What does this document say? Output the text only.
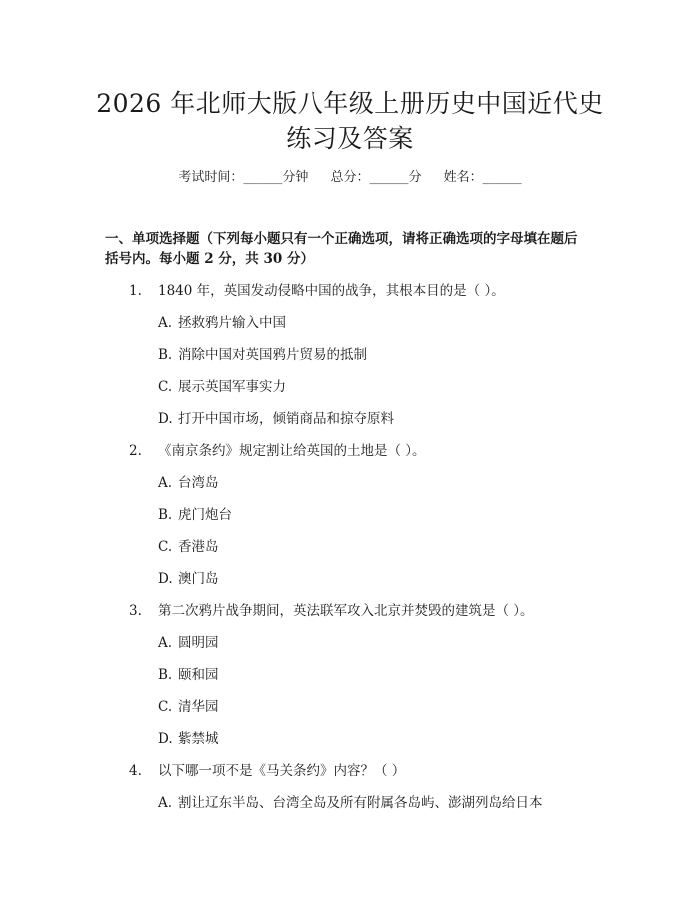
2026 年北师大版八年级上册历史中国近代史
练习及答案
考试时间：______分钟 总分：______分 姓名：______
一、单项选择题（下列每小题只有一个正确选项，请将正确选项的字母填在题后
括号内。每小题 2 分，共 30 分）
1. 1840 年，英国发动侵略中国的战争，其根本目的是（ ）。
A. 拯救鸦片输入中国
B. 消除中国对英国鸦片贸易的抵制
C. 展示英国军事实力
D. 打开中国市场，倾销商品和掠夺原料
2. 《南京条约》规定割让给英国的土地是（ ）。
A. 台湾岛
B. 虎门炮台
C. 香港岛
D. 澳门岛
3. 第二次鸦片战争期间，英法联军攻入北京并焚毁的建筑是（ ）。
A. 圆明园
B. 颐和园
C. 清华园
D. 紫禁城
4. 以下哪一项不是《马关条约》内容？（ ）
A. 割让辽东半岛、台湾全岛及所有附属各岛屿、澎湖列岛给日本
